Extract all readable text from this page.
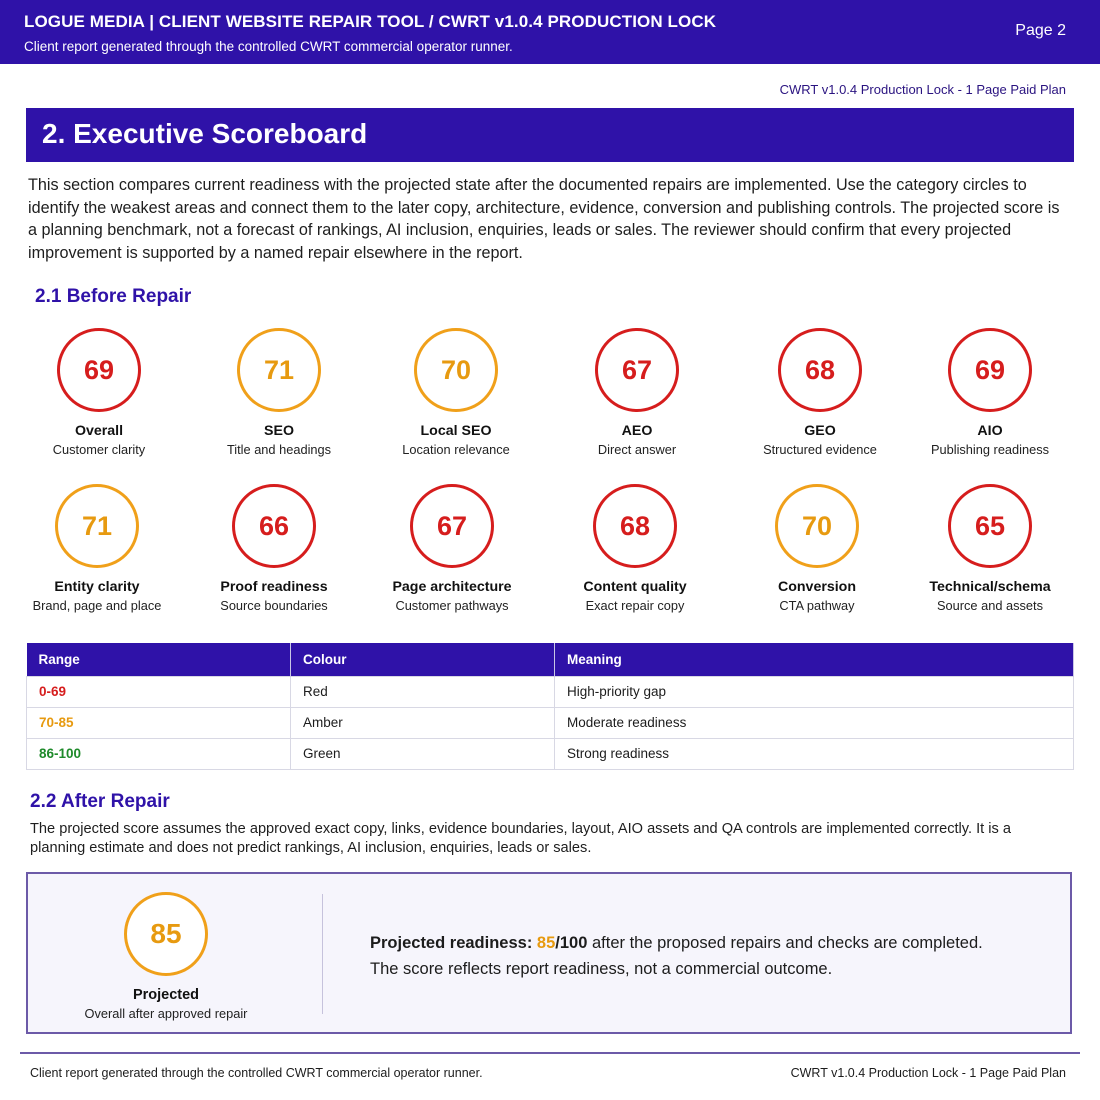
LOGUE MEDIA | CLIENT WEBSITE REPAIR TOOL / CWRT v1.0.4 PRODUCTION LOCK
Client report generated through the controlled CWRT commercial operator runner.
Page 2
CWRT v1.0.4 Production Lock - 1 Page Paid Plan
2. Executive Scoreboard

This section compares current readiness with the projected state after the documented repairs are implemented. Use the category circles to identify the weakest areas and connect them to the later copy, architecture, evidence, conversion and publishing controls. The projected score is a planning benchmark, not a forecast of rankings, AI inclusion, enquiries, leads or sales. The reviewer should confirm that every projected improvement is supported by a named repair elsewhere in the report.

2.1 Before Repair
69
Overall
Customer clarity
71
SEO
Title and headings
70
Local SEO
Location relevance
67
AEO
Direct answer
68
GEO
Structured evidence
69
AIO
Publishing readiness
71
Entity clarity
Brand, page and place
66
Proof readiness
Source boundaries
67
Page architecture
Customer pathways
68
Content quality
Exact repair copy
70
Conversion
CTA pathway
65
Technical/schema
Source and assets
Range	Colour	Meaning
0-69	Red	High-priority gap
70-85	Amber	Moderate readiness
86-100	Green	Strong readiness
2.2 After Repair

The projected score assumes the approved exact copy, links, evidence boundaries, layout, AIO assets and QA controls are implemented correctly. It is a planning estimate and does not predict rankings, AI inclusion, enquiries, leads or sales.

85
Projected
Overall after approved repair
Projected readiness: 85/100 after the proposed repairs and checks are completed.
The score reflects report readiness, not a commercial outcome.
Client report generated through the controlled CWRT commercial operator runner.	CWRT v1.0.4 Production Lock - 1 Page Paid Plan
